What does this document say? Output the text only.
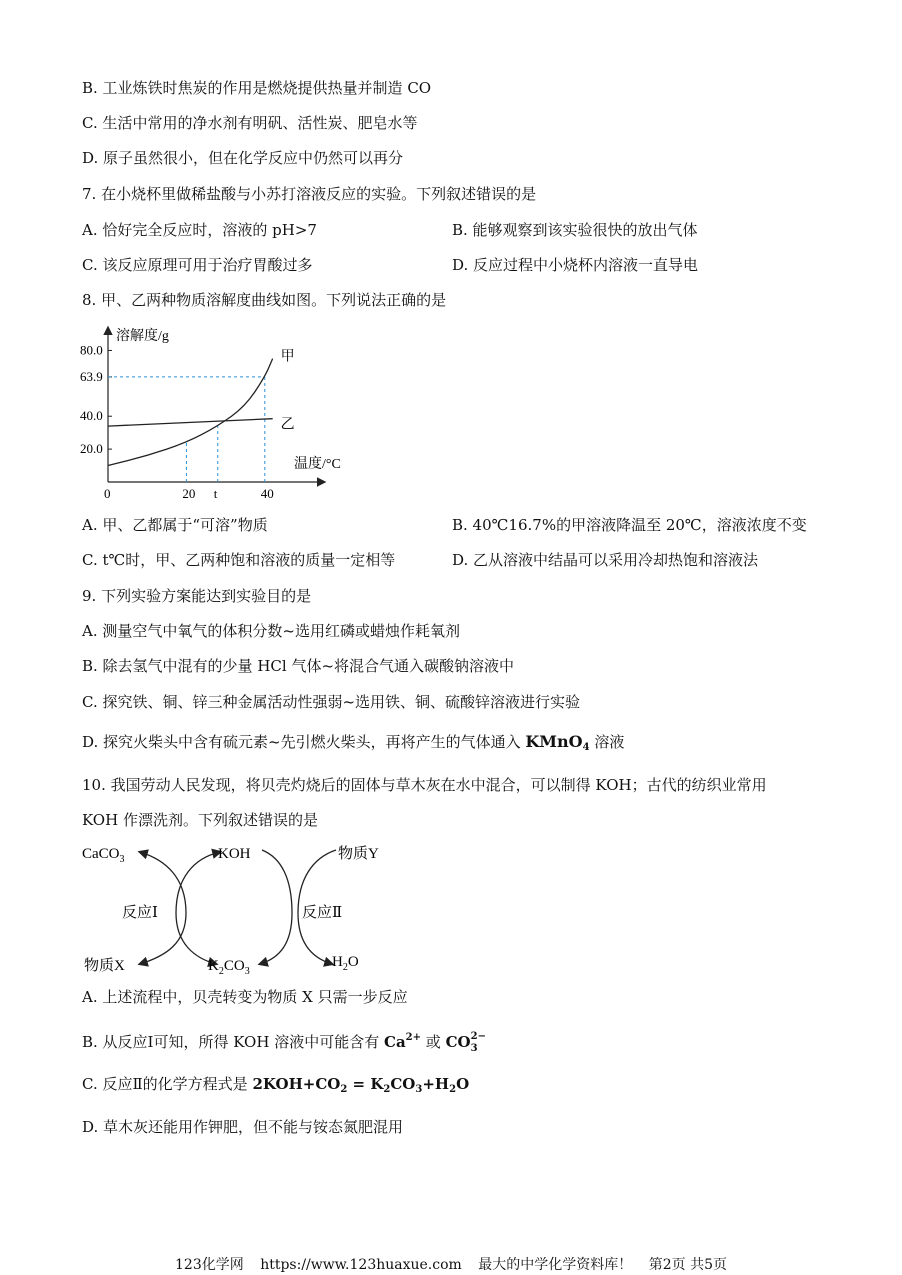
B. 工业炼铁时焦炭的作用是燃烧提供热量并制造 CO
C. 生活中常用的净水剂有明矾、活性炭、肥皂水等
D. 原子虽然很小，但在化学反应中仍然可以再分
7. 在小烧杯里做稀盐酸与小苏打溶液反应的实验。下列叙述错误的是
A. 恰好完全反应时，溶液的 pH>7	B. 能够观察到该实验很快的放出气体
C. 该反应原理可用于治疗胃酸过多	D. 反应过程中小烧杯内溶液一直导电
8. 甲、乙两种物质溶解度曲线如图。下列说法正确的是
溶解度/g
温度/°C
20.0
40.0
63.9
80.0
0	20 t	40
甲
乙
A. 甲、乙都属于“可溶”物质	B. 40℃16.7%的甲溶液降温至 20℃，溶液浓度不变
C. t℃时，甲、乙两种饱和溶液的质量一定相等	D. 乙从溶液中结晶可以采用冷却热饱和溶液法
9. 下列实验方案能达到实验目的是
A. 测量空气中氧气的体积分数~选用红磷或蜡烛作耗氧剂
B. 除去氢气中混有的少量 HCl 气体~将混合气通入碳酸钠溶液中
C. 探究铁、铜、锌三种金属活动性强弱~选用铁、铜、硫酸锌溶液进行实验
D. 探究火柴头中含有硫元素~先引燃火柴头，再将产生的气体通入 KMnO$_4$ 溶液
10. 我国劳动人民发现，将贝壳灼烧后的固体与草木灰在水中混合，可以制得 KOH；古代的纺织业常用
KOH 作漂洗剂。下列叙述错误的是
CaCO$_3$	KOH	物质Y
反应Ⅰ	反应Ⅱ
物质X	$K_2CO_3$
$H_2O$
A. 上述流程中，贝壳转变为物质 X 只需一步反应
B. 从反应Ⅰ可知，所得 KOH 溶液中可能含有 $Ca^{2+}$ 或 CO 2−
3
C. 反应Ⅱ的化学方程式是 $2KOH+CO_2 = K_2CO_3+H_2O$
D. 草木灰还能用作钾肥，但不能与铵态氮肥混用
123化学网 https://www.123huaxue.com 最大的中学化学资料库！ 第2页 共5页
